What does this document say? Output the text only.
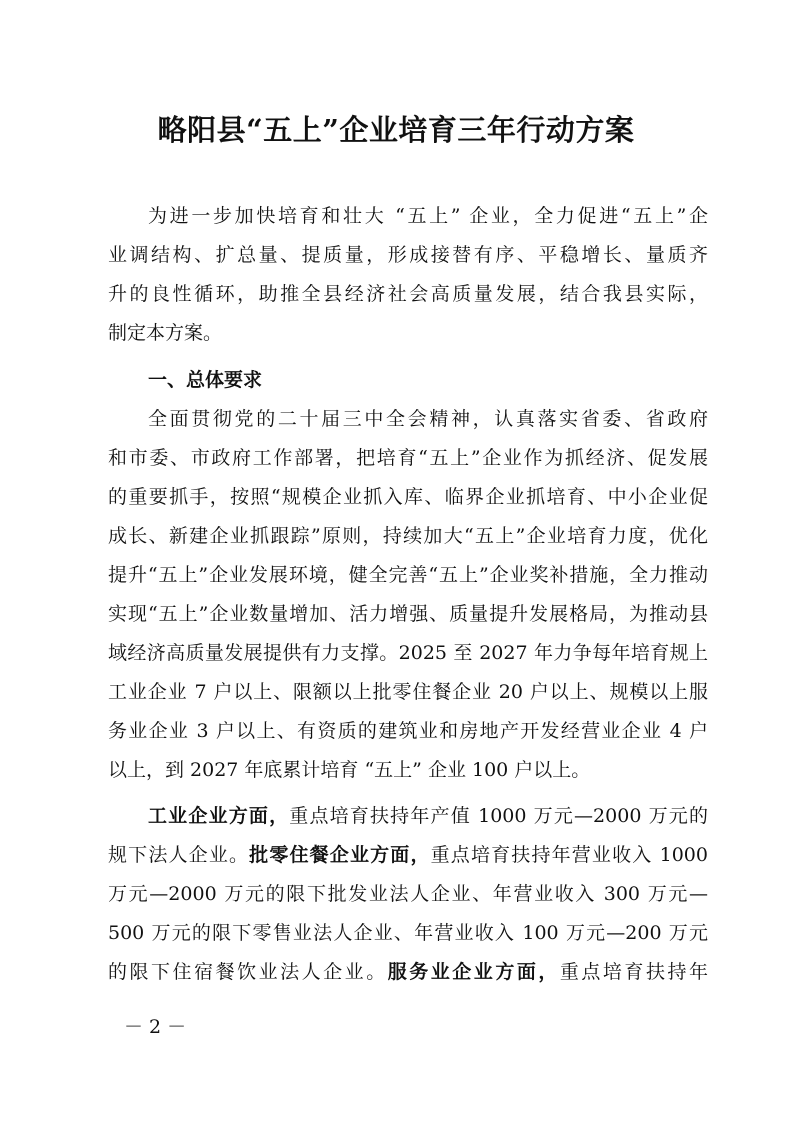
略阳县“五上”企业培育三年行动方案
为进一步加快培育和壮大 “五上” 企业，全力促进“五上”企
业调结构、扩总量、提质量，形成接替有序、平稳增长、量质齐
升的良性循环，助推全县经济社会高质量发展，结合我县实际，
制定本方案。
一、总体要求
全面贯彻党的二十届三中全会精神，认真落实省委、省政府
和市委、市政府工作部署，把培育“五上”企业作为抓经济、促发展
的重要抓手，按照“规模企业抓入库、临界企业抓培育、中小企业促
成长、新建企业抓跟踪”原则，持续加大“五上”企业培育力度，优化
提升“五上”企业发展环境，健全完善“五上”企业奖补措施，全力推动
实现“五上”企业数量增加、活力增强、质量提升发展格局，为推动县
域经济高质量发展提供有力支撑。2025 至 2027 年力争每年培育规上
工业企业 7 户以上、限额以上批零住餐企业 20 户以上、规模以上服
务业企业 3 户以上、有资质的建筑业和房地产开发经营业企业 4 户
以上，到 2027 年底累计培育 “五上” 企业 100 户以上。
工业企业方面，重点培育扶持年产值 1000 万元—2000 万元的
规下法人企业。批零住餐企业方面，重点培育扶持年营业收入 1000
万元—2000 万元的限下批发业法人企业、年营业收入 300 万元—
500 万元的限下零售业法人企业、年营业收入 100 万元—200 万元
的限下住宿餐饮业法人企业。服务业企业方面，重点培育扶持年
－ 2 －
